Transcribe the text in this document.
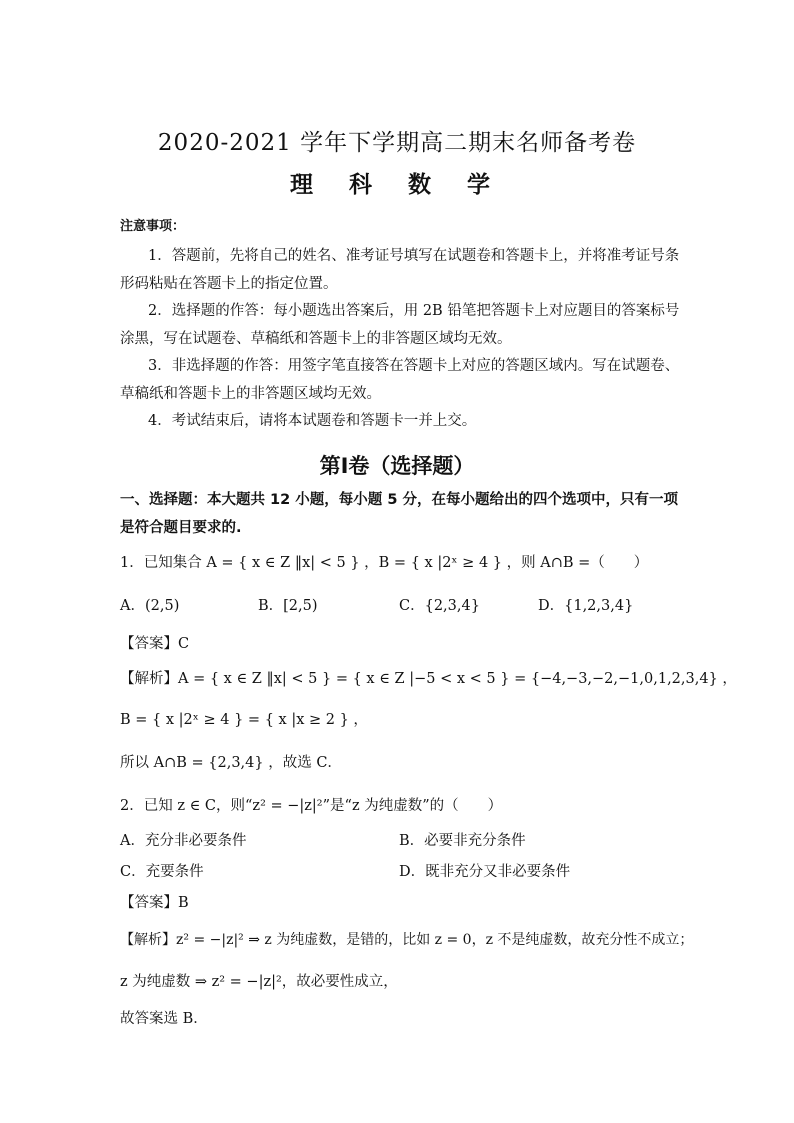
2020-2021 学年下学期高二期末名师备考卷
理 科 数 学
注意事项：
1．答题前，先将自己的姓名、准考证号填写在试题卷和答题卡上，并将准考证号条形码粘贴在答题卡上的指定位置。
2．选择题的作答：每小题选出答案后，用 2B 铅笔把答题卡上对应题目的答案标号涂黑，写在试题卷、草稿纸和答题卡上的非答题区域均无效。
3．非选择题的作答：用签字笔直接答在答题卡上对应的答题区域内。写在试题卷、草稿纸和答题卡上的非答题区域均无效。
4．考试结束后，请将本试题卷和答题卡一并上交。
第Ⅰ卷（选择题）
一、选择题：本大题共 12 小题，每小题 5 分，在每小题给出的四个选项中，只有一项是符合题目要求的.
1．已知集合 A = { x ∈ Z ‖x| < 5 } ，B = { x |2ˣ ≥ 4 } ，则 A∩B =（　　）
A．(2,5)	B．[2,5)	C．{2,3,4}	D．{1,2,3,4}
【答案】C
【解析】A = { x ∈ Z ‖x| < 5 } = { x ∈ Z |−5 < x < 5 } = {−4,−3,−2,−1,0,1,2,3,4} ，
B = { x |2ˣ ≥ 4 } = { x |x ≥ 2 } ，
所以 A∩B = {2,3,4} ，故选 C．
2．已知 z ∈ C，则“z² = −|z|²”是“z 为纯虚数”的（　　）
A．充分非必要条件	B．必要非充分条件
C．充要条件	D．既非充分又非必要条件
【答案】B
【解析】z² = −|z|² ⇒ z 为纯虚数，是错的，比如 z = 0，z 不是纯虚数，故充分性不成立；
z 为纯虚数 ⇒ z² = −|z|²，故必要性成立，
故答案选 B．
